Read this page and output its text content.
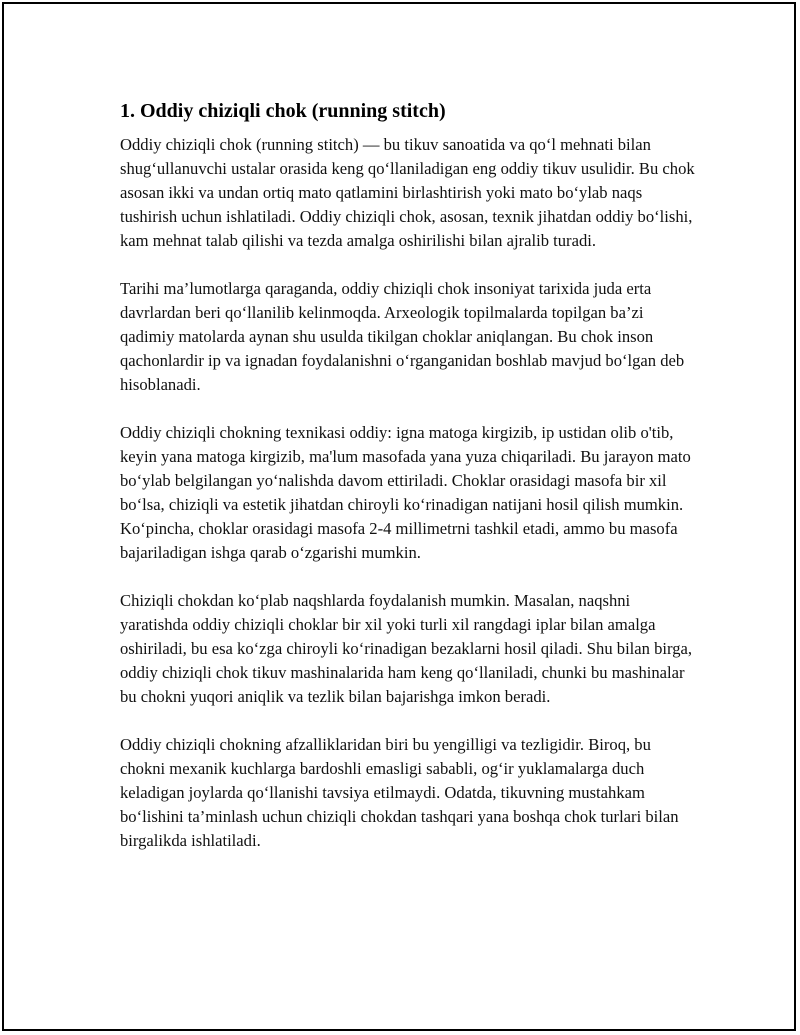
1. Oddiy chiziqli chok (running stitch)

Oddiy chiziqli chok (running stitch) — bu tikuv sanoatida va qo‘l mehnati bilan shug‘ullanuvchi ustalar orasida keng qo‘llaniladigan eng oddiy tikuv usulidir. Bu chok asosan ikki va undan ortiq mato qatlamini birlashtirish yoki mato bo‘ylab naqs tushirish uchun ishlatiladi. Oddiy chiziqli chok, asosan, texnik jihatdan oddiy bo‘lishi, kam mehnat talab qilishi va tezda amalga oshirilishi bilan ajralib turadi.

Tarihi ma’lumotlarga qaraganda, oddiy chiziqli chok insoniyat tarixida juda erta davrlardan beri qo‘llanilib kelinmoqda. Arxeologik topilmalarda topilgan ba’zi qadimiy matolarda aynan shu usulda tikilgan choklar aniqlangan. Bu chok inson qachonlardir ip va ignadan foydalanishni o‘rganganidan boshlab mavjud bo‘lgan deb hisoblanadi.

Oddiy chiziqli chokning texnikasi oddiy: igna matoga kirgizib, ip ustidan olib o'tib, keyin yana matoga kirgizib, ma'lum masofada yana yuza chiqariladi. Bu jarayon mato bo‘ylab belgilangan yo‘nalishda davom ettiriladi. Choklar orasidagi masofa bir xil bo‘lsa, chiziqli va estetik jihatdan chiroyli ko‘rinadigan natijani hosil qilish mumkin. Ko‘pincha, choklar orasidagi masofa 2-4 millimetrni tashkil etadi, ammo bu masofa bajariladigan ishga qarab o‘zgarishi mumkin.

Chiziqli chokdan ko‘plab naqshlarda foydalanish mumkin. Masalan, naqshni yaratishda oddiy chiziqli choklar bir xil yoki turli xil rangdagi iplar bilan amalga oshiriladi, bu esa ko‘zga chiroyli ko‘rinadigan bezaklarni hosil qiladi. Shu bilan birga, oddiy chiziqli chok tikuv mashinalarida ham keng qo‘llaniladi, chunki bu mashinalar bu chokni yuqori aniqlik va tezlik bilan bajarishga imkon beradi.

Oddiy chiziqli chokning afzalliklaridan biri bu yengilligi va tezligidir. Biroq, bu chokni mexanik kuchlarga bardoshli emasligi sababli, og‘ir yuklamalarga duch keladigan joylarda qo‘llanishi tavsiya etilmaydi. Odatda, tikuvning mustahkam bo‘lishini ta’minlash uchun chiziqli chokdan tashqari yana boshqa chok turlari bilan birgalikda ishlatiladi.
